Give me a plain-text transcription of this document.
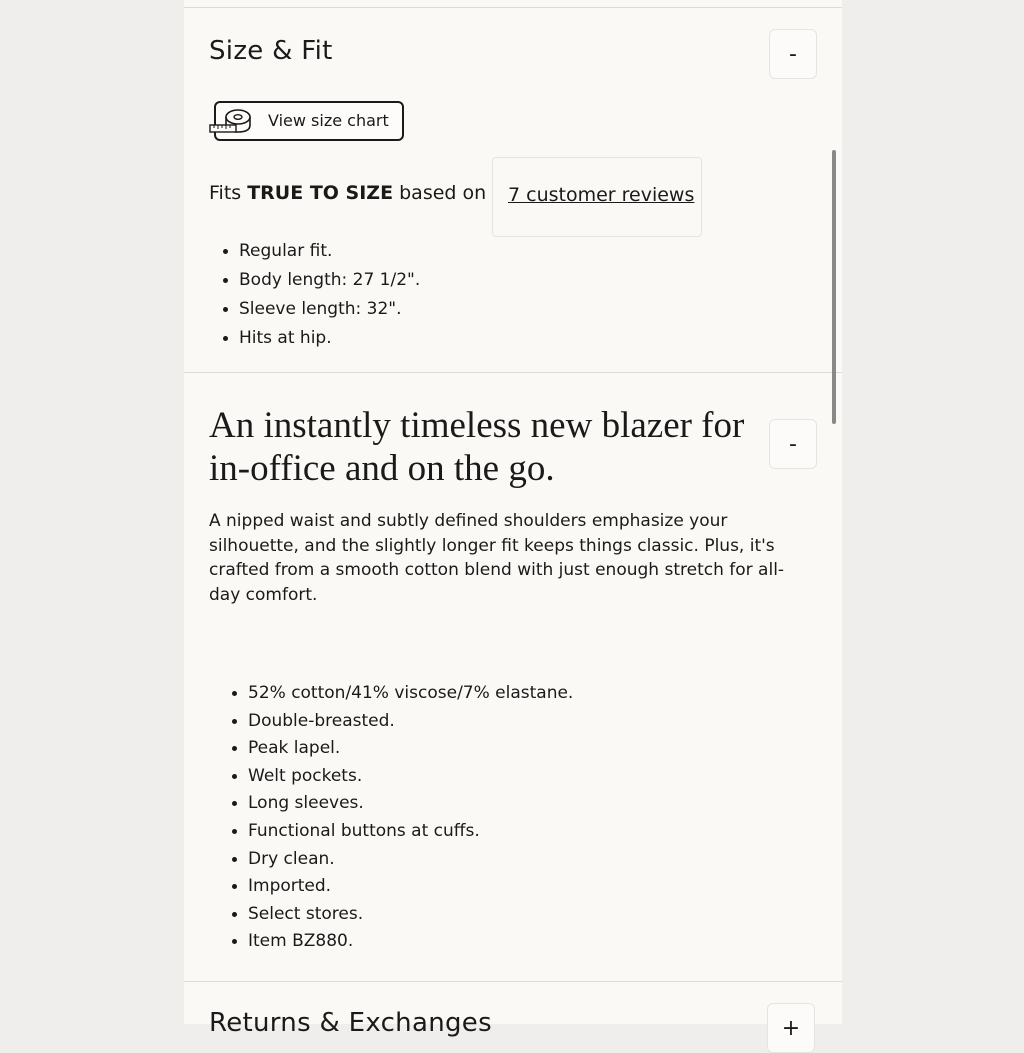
Size & Fit	-
View size chart
Fits TRUE TO SIZE based on 7 customer reviews
Regular fit.
Body length: 27 1/2".
Sleeve length: 32".
Hits at hip.
An instantly timeless new blazer for in-office and on the go.
-
A nipped waist and subtly defined shoulders emphasize your silhouette, and the slightly longer fit keeps things classic. Plus, it's crafted from a smooth cotton blend with just enough stretch for all-day comfort.
52% cotton/41% viscose/7% elastane.
Double-breasted.
Peak lapel.
Welt pockets.
Long sleeves.
Functional buttons at cuffs.
Dry clean.
Imported.
Select stores.
Item BZ880.
Returns & Exchanges	+
